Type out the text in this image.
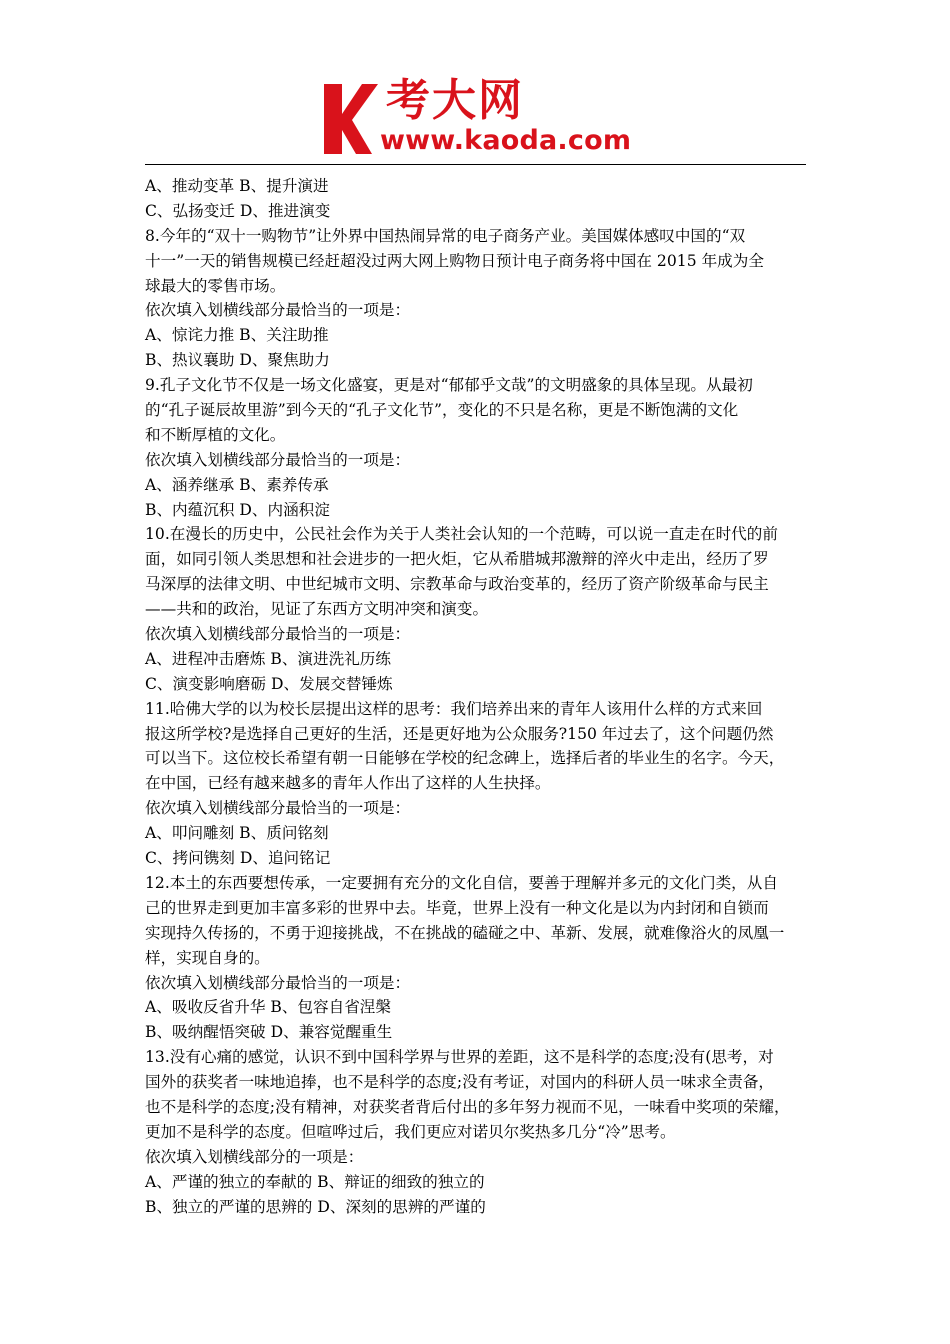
考大网
www.kaoda.com
A、推动变革 B、提升演进
C、弘扬变迁 D、推进演变
8.今年的“双十一购物节”让外界中国热闹异常的电子商务产业。美国媒体感叹中国的“双
十一”一天的销售规模已经赶超没过两大网上购物日预计电子商务将中国在 2015 年成为全
球最大的零售市场。
依次填入划横线部分最恰当的一项是：
A、惊诧力推 B、关注助推
B、热议襄助 D、聚焦助力
9.孔子文化节不仅是一场文化盛宴，更是对“郁郁乎文哉”的文明盛象的具体呈现。从最初
的“孔子诞辰故里游”到今天的“孔子文化节”，变化的不只是名称，更是不断饱满的文化
和不断厚植的文化。
依次填入划横线部分最恰当的一项是：
A、涵养继承 B、素养传承
B、内蕴沉积 D、内涵积淀
10.在漫长的历史中，公民社会作为关于人类社会认知的一个范畴，可以说一直走在时代的前
面，如同引领人类思想和社会进步的一把火炬，它从希腊城邦激辩的淬火中走出，经历了罗
马深厚的法律文明、中世纪城市文明、宗教革命与政治变革的，经历了资产阶级革命与民主
——共和的政治，见证了东西方文明冲突和演变。
依次填入划横线部分最恰当的一项是：
A、进程冲击磨炼 B、演进洗礼历练
C、演变影响磨砺 D、发展交替锤炼
11.哈佛大学的以为校长层提出这样的思考：我们培养出来的青年人该用什么样的方式来回
报这所学校?是选择自己更好的生活，还是更好地为公众服务?150 年过去了，这个问题仍然
可以当下。这位校长希望有朝一日能够在学校的纪念碑上，选择后者的毕业生的名字。今天，
在中国，已经有越来越多的青年人作出了这样的人生抉择。
依次填入划横线部分最恰当的一项是：
A、叩问雕刻 B、质问铭刻
C、拷问镌刻 D、追问铭记
12.本土的东西要想传承，一定要拥有充分的文化自信，要善于理解并多元的文化门类，从自
己的世界走到更加丰富多彩的世界中去。毕竟，世界上没有一种文化是以为内封闭和自锁而
实现持久传扬的，不勇于迎接挑战，不在挑战的磕碰之中、革新、发展，就难像浴火的凤凰一
样，实现自身的。
依次填入划横线部分最恰当的一项是：
A、吸收反省升华 B、包容自省涅槃
B、吸纳醒悟突破 D、兼容觉醒重生
13.没有心痛的感觉，认识不到中国科学界与世界的差距，这不是科学的态度;没有(思考，对
国外的获奖者一味地追捧，也不是科学的态度;没有考证，对国内的科研人员一味求全责备，
也不是科学的态度;没有精神，对获奖者背后付出的多年努力视而不见，一味看中奖项的荣耀，
更加不是科学的态度。但喧哗过后，我们更应对诺贝尔奖热多几分“冷”思考。
依次填入划横线部分的一项是：
A、严谨的独立的奉献的 B、辩证的细致的独立的
B、独立的严谨的思辨的 D、深刻的思辨的严谨的
